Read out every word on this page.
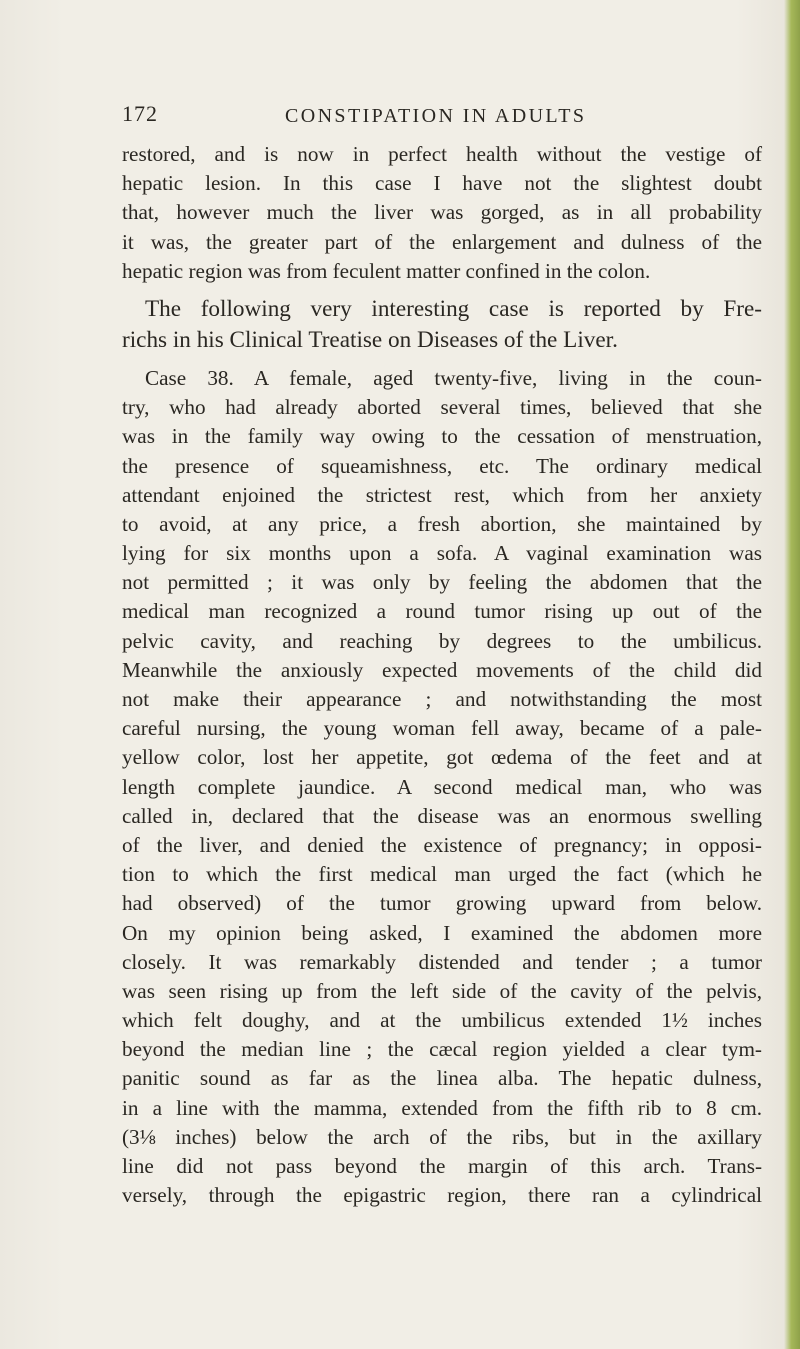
172	CONSTIPATION IN ADULTS
restored, and is now in perfect health without the vestige of
hepatic lesion. In this case I have not the slightest doubt
that, however much the liver was gorged, as in all probability
it was, the greater part of the enlargement and dulness of the
hepatic region was from feculent matter confined in the colon.
The following very interesting case is reported by Fre-
richs in his Clinical Treatise on Diseases of the Liver.
Case 38. A female, aged twenty-five, living in the coun-
try, who had already aborted several times, believed that she
was in the family way owing to the cessation of menstruation,
the presence of squeamishness, etc. The ordinary medical
attendant enjoined the strictest rest, which from her anxiety
to avoid, at any price, a fresh abortion, she maintained by
lying for six months upon a sofa. A vaginal examination was
not permitted ; it was only by feeling the abdomen that the
medical man recognized a round tumor rising up out of the
pelvic cavity, and reaching by degrees to the umbilicus.
Meanwhile the anxiously expected movements of the child did
not make their appearance ; and notwithstanding the most
careful nursing, the young woman fell away, became of a pale-
yellow color, lost her appetite, got œdema of the feet and at
length complete jaundice. A second medical man, who was
called in, declared that the disease was an enormous swelling
of the liver, and denied the existence of pregnancy; in opposi-
tion to which the first medical man urged the fact (which he
had observed) of the tumor growing upward from below.
On my opinion being asked, I examined the abdomen more
closely. It was remarkably distended and tender ; a tumor
was seen rising up from the left side of the cavity of the pelvis,
which felt doughy, and at the umbilicus extended 1½ inches
beyond the median line ; the cæcal region yielded a clear tym-
panitic sound as far as the linea alba. The hepatic dulness,
in a line with the mamma, extended from the fifth rib to 8 cm.
(3⅛ inches) below the arch of the ribs, but in the axillary
line did not pass beyond the margin of this arch. Trans-
versely, through the epigastric region, there ran a cylindrical
